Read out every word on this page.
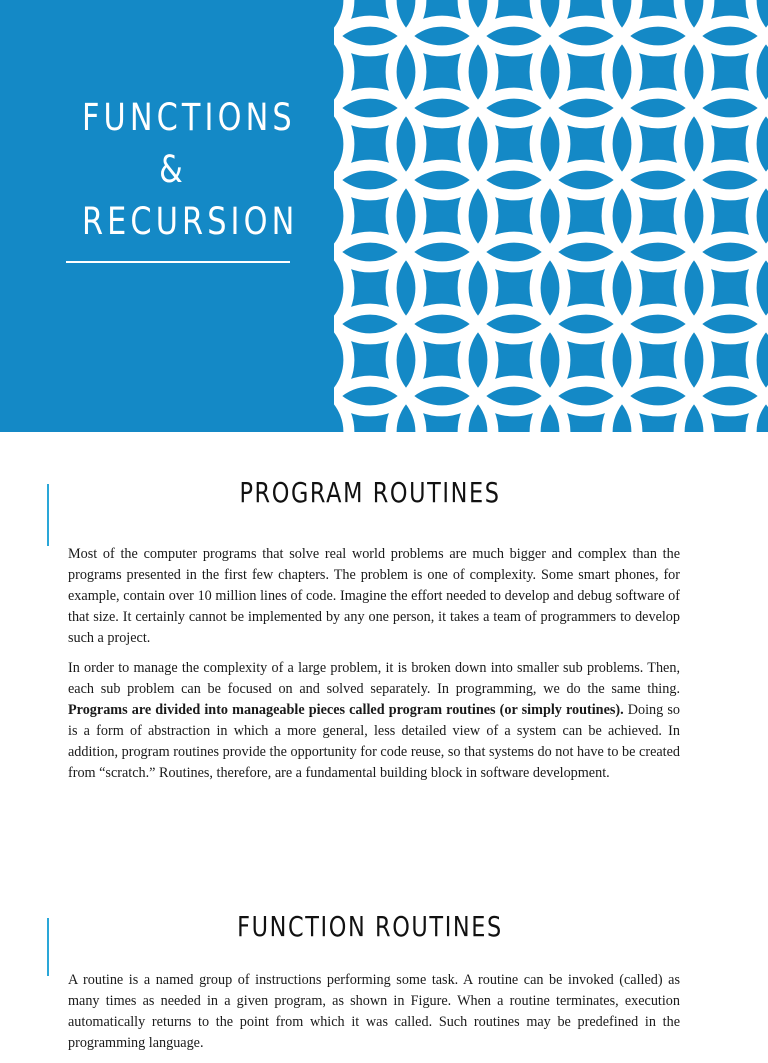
FUNCTIONS
&
RECURSION
PROGRAM ROUTINES

Most of the computer programs that solve real world problems are much bigger and complex than the programs presented in the first few chapters. The problem is one of complexity. Some smart phones, for example, contain over 10 million lines of code. Imagine the effort needed to develop and debug software of that size. It certainly cannot be implemented by any one person, it takes a team of programmers to develop such a project.

In order to manage the complexity of a large problem, it is broken down into smaller sub problems. Then, each sub problem can be focused on and solved separately. In programming, we do the same thing. Programs are divided into manageable pieces called program routines (or simply routines). Doing so is a form of abstraction in which a more general, less detailed view of a system can be achieved. In addition, program routines provide the opportunity for code reuse, so that systems do not have to be created from “scratch.” Routines, therefore, are a fundamental building block in software development.

FUNCTION ROUTINES

A routine is a named group of instructions performing some task. A routine can be invoked (called) as many times as needed in a given program, as shown in Figure. When a routine terminates, execution automatically returns to the point from which it was called. Such routines may be predefined in the programming language.
